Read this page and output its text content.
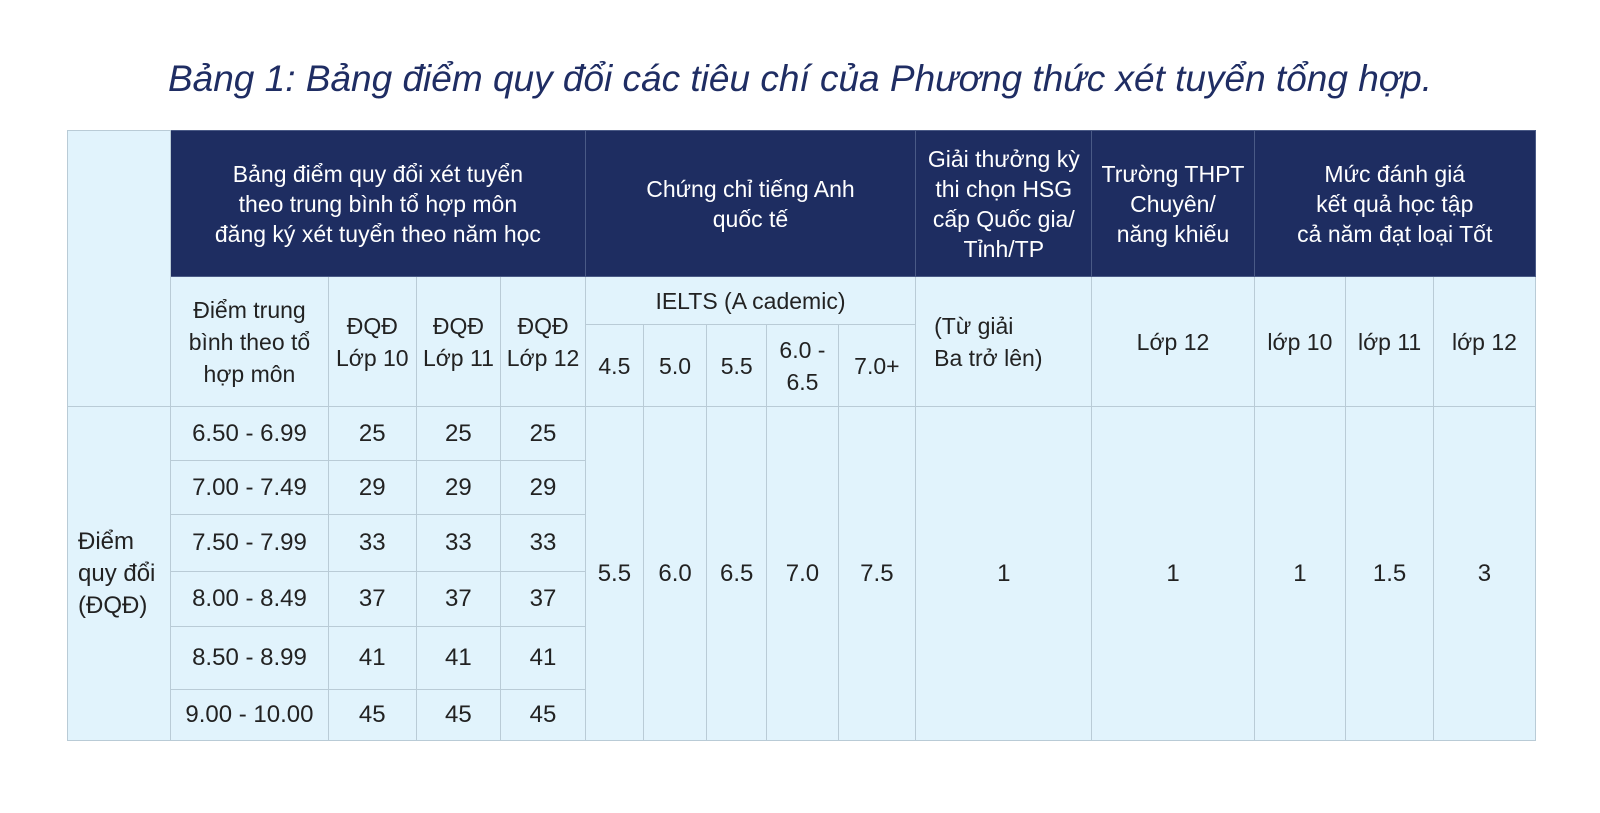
Bảng 1: Bảng điểm quy đổi các tiêu chí của Phương thức xét tuyển tổng hợp.
	Bảng điểm quy đổi xét tuyển
theo trung bình tổ hợp môn
đăng ký xét tuyển theo năm học				Chứng chỉ tiếng Anh
quốc tế					Giải thưởng kỳ
thi chọn HSG
cấp Quốc gia/
Tỉnh/TP	Trường THPT
Chuyên/
năng khiếu	Mức đánh giá
kết quả học tập
cả năm đạt loại Tốt		
	Điểm trung
bình theo tổ
hợp môn	ĐQĐ
Lớp 10	ĐQĐ
Lớp 11	ĐQĐ
Lớp 12	IELTS (A cademic)					(Từ giải
Ba trở lên)	Lớp 12	lớp 10	lớp 11	lớp 12
					4.5	5.0	5.5	6.0 -
6.5	7.0+					
Điểm
quy đổi
(ĐQĐ)	6.50 - 6.99	25	25	25	5.5	6.0	6.5	7.0	7.5	1	1	1	1.5	3
	7.00 - 7.49	29	29	29										
	7.50 - 7.99	33	33	33										
	8.00 - 8.49	37	37	37										
	8.50 - 8.99	41	41	41										
	9.00 - 10.00	45	45	45										
